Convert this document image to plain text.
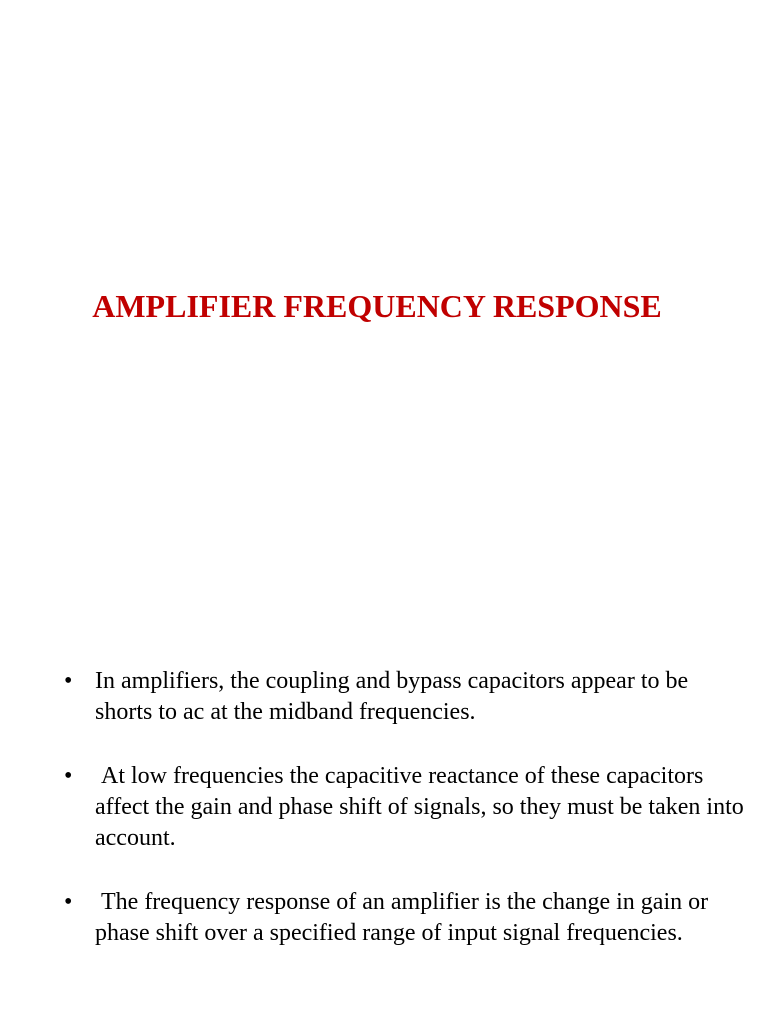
AMPLIFIER FREQUENCY RESPONSE
• In amplifiers, the coupling and bypass capacitors appear to be shorts to ac at the midband frequencies.
• At low frequencies the capacitive reactance of these capacitors affect the gain and phase shift of signals, so they must be taken into account.
• The frequency response of an amplifier is the change in gain or phase shift over a specified range of input signal frequencies.
